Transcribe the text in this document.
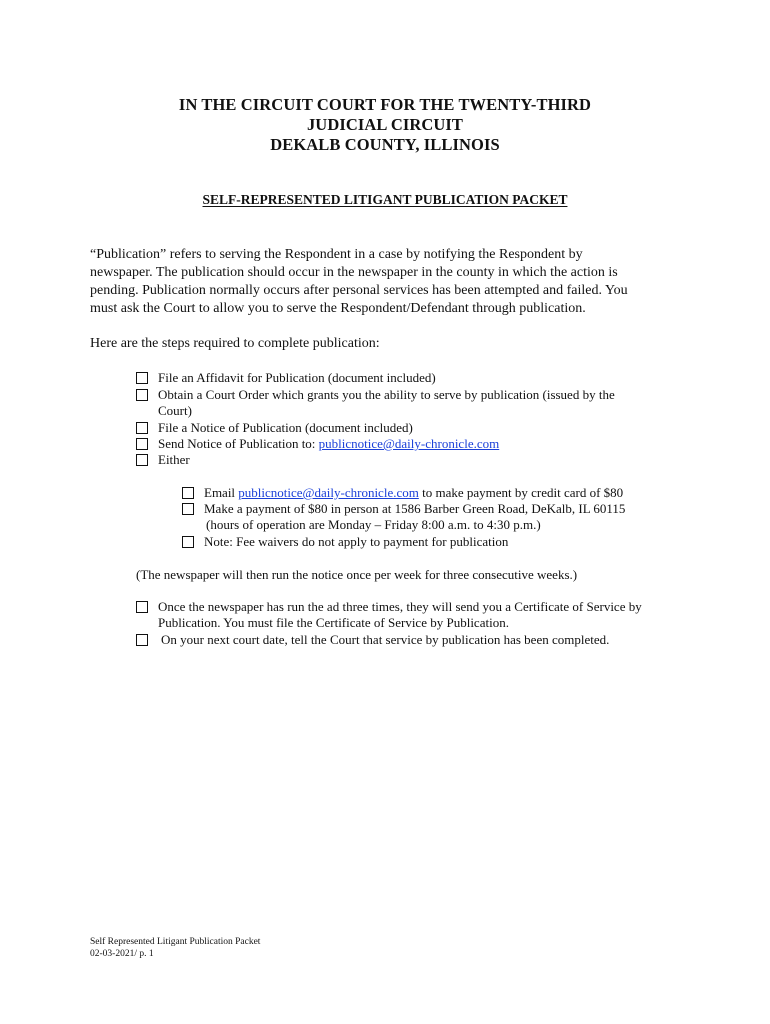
IN THE CIRCUIT COURT FOR THE TWENTY-THIRD
JUDICIAL CIRCUIT
DEKALB COUNTY, ILLINOIS
SELF-REPRESENTED LITIGANT PUBLICATION PACKET
“Publication” refers to serving the Respondent in a case by notifying the Respondent by
newspaper. The publication should occur in the newspaper in the county in which the action is
pending. Publication normally occurs after personal services has been attempted and failed. You
must ask the Court to allow you to serve the Respondent/Defendant through publication.
Here are the steps required to complete publication:
File an Affidavit for Publication (document included)
Obtain a Court Order which grants you the ability to serve by publication (issued by the
Court)
File a Notice of Publication (document included)
Send Notice of Publication to: publicnotice@daily-chronicle.com
Either
Email publicnotice@daily-chronicle.com to make payment by credit card of $80
Make a payment of $80 in person at 1586 Barber Green Road, DeKalb, IL 60115
(hours of operation are Monday – Friday 8:00 a.m. to 4:30 p.m.)
Note: Fee waivers do not apply to payment for publication
(The newspaper will then run the notice once per week for three consecutive weeks.)
Once the newspaper has run the ad three times, they will send you a Certificate of Service by
Publication. You must file the Certificate of Service by Publication.
On your next court date, tell the Court that service by publication has been completed.
Self Represented Litigant Publication Packet
02-03-2021/ p. 1
